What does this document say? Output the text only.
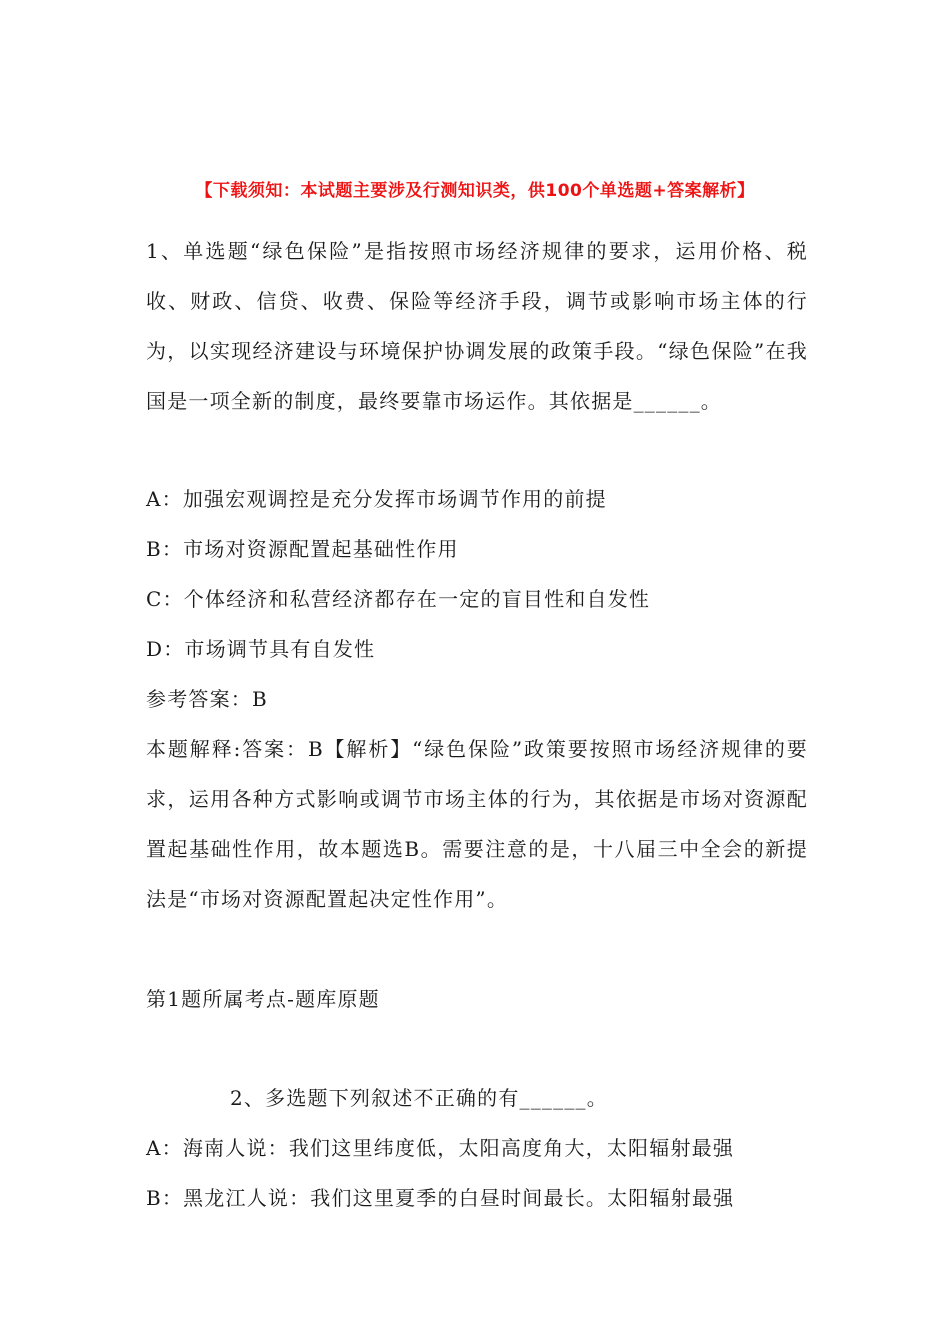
【下载须知：本试题主要涉及行测知识类，供100个单选题+答案解析】
1、单选题“绿色保险”是指按照市场经济规律的要求，运用价格、税收、财政、信贷、收费、保险等经济手段，调节或影响市场主体的行为，以实现经济建设与环境保护协调发展的政策手段。“绿色保险”在我国是一项全新的制度，最终要靠市场运作。其依据是______。
A：加强宏观调控是充分发挥市场调节作用的前提
B：市场对资源配置起基础性作用
C：个体经济和私营经济都存在一定的盲目性和自发性
D：市场调节具有自发性
参考答案：B
本题解释:答案：B【解析】“绿色保险”政策要按照市场经济规律的要求，运用各种方式影响或调节市场主体的行为，其依据是市场对资源配置起基础性作用，故本题选B。需要注意的是，十八届三中全会的新提法是“市场对资源配置起决定性作用”。
第1题所属考点-题库原题
2、多选题下列叙述不正确的有______。
A：海南人说：我们这里纬度低，太阳高度角大，太阳辐射最强
B：黑龙江人说：我们这里夏季的白昼时间最长。太阳辐射最强
